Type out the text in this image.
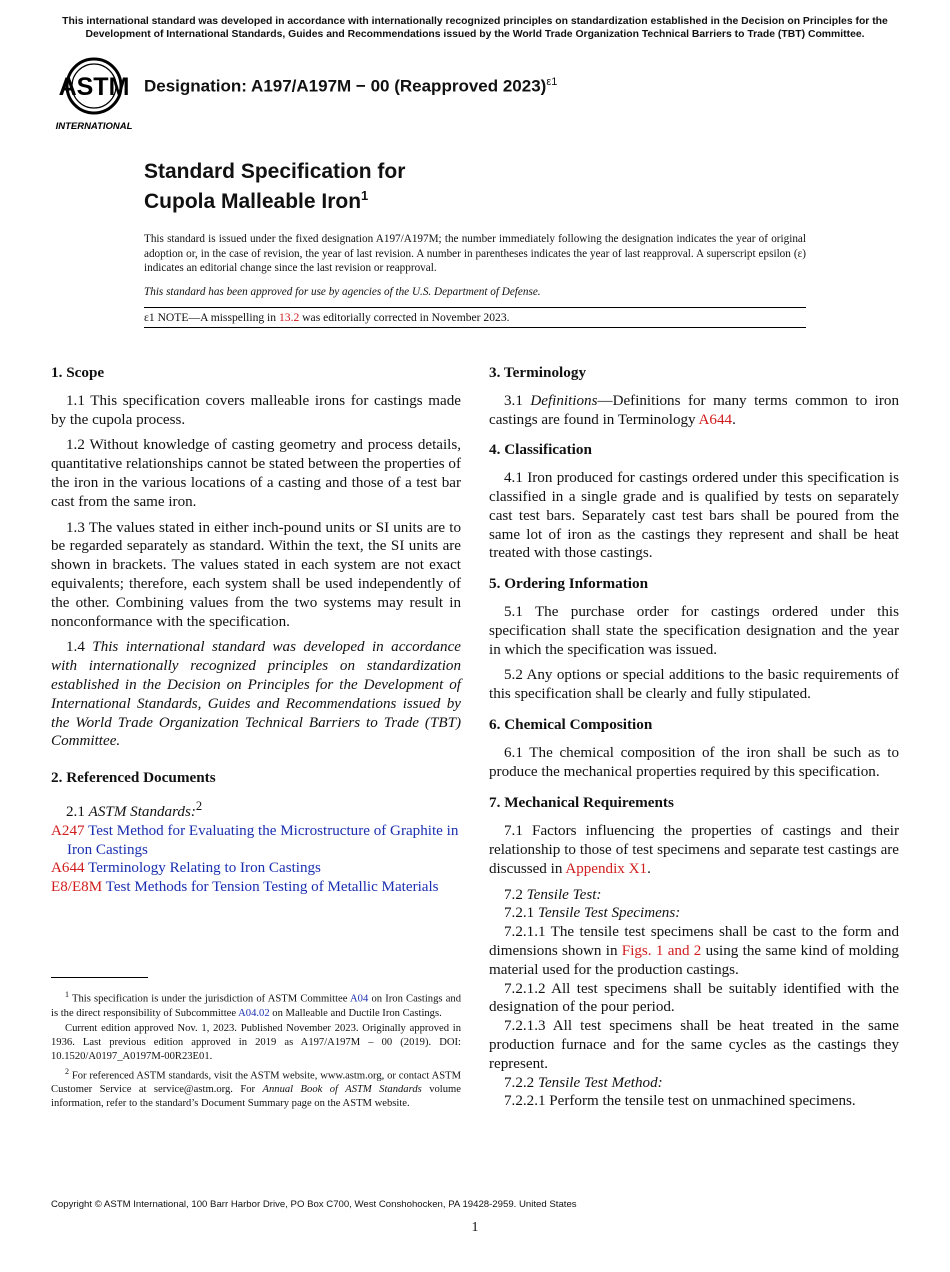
This international standard was developed in accordance with internationally recognized principles on standardization established in the Decision on Principles for the Development of International Standards, Guides and Recommendations issued by the World Trade Organization Technical Barriers to Trade (TBT) Committee.
ASTM
INTERNATIONAL
Designation: A197/A197M − 00 (Reapproved 2023)$^{\varepsilon 1}$
Standard Specification for
Cupola Malleable Iron$^1$
This standard is issued under the fixed designation A197/A197M; the number immediately following the designation indicates the year of original adoption or, in the case of revision, the year of last revision. A number in parentheses indicates the year of last reapproval. A superscript epsilon (ε) indicates an editorial change since the last revision or reapproval.
This standard has been approved for use by agencies of the U.S. Department of Defense.
ε1 NOTE—A misspelling in 13.2 was editorially corrected in November 2023.
1. Scope

1.1 This specification covers malleable irons for castings made by the cupola process.

1.2 Without knowledge of casting geometry and process details, quantitative relationships cannot be stated between the properties of the iron in the various locations of a casting and those of a test bar cast from the same iron.

1.3 The values stated in either inch-pound units or SI units are to be regarded separately as standard. Within the text, the SI units are shown in brackets. The values stated in each system are not exact equivalents; therefore, each system shall be used independently of the other. Combining values from the two systems may result in nonconformance with the specification.

1.4 This international standard was developed in accordance with internationally recognized principles on standardization established in the Decision on Principles for the Development of International Standards, Guides and Recommendations issued by the World Trade Organization Technical Barriers to Trade (TBT) Committee.

2. Referenced Documents

2.1 ASTM Standards:$^2$

A247 Test Method for Evaluating the Microstructure of Graphite in Iron Castings
A644 Terminology Relating to Iron Castings
E8/E8M Test Methods for Tension Testing of Metallic Materials
3. Terminology

3.1 Definitions—Definitions for many terms common to iron castings are found in Terminology A644.

4. Classification

4.1 Iron produced for castings ordered under this specification is classified in a single grade and is qualified by tests on separately cast test bars. Separately cast test bars shall be poured from the same lot of iron as the castings they represent and shall be heat treated with those castings.

5. Ordering Information

5.1 The purchase order for castings ordered under this specification shall state the specification designation and the year in which the specification was issued.

5.2 Any options or special additions to the basic requirements of this specification shall be clearly and fully stipulated.

6. Chemical Composition

6.1 The chemical composition of the iron shall be such as to produce the mechanical properties required by this specification.

7. Mechanical Requirements

7.1 Factors influencing the properties of castings and their relationship to those of test specimens and separate test castings are discussed in Appendix X1.

7.2 Tensile Test:

7.2.1 Tensile Test Specimens:

7.2.1.1 The tensile test specimens shall be cast to the form and dimensions shown in Figs. 1 and 2 using the same kind of molding material used for the production castings.

7.2.1.2 All test specimens shall be suitably identified with the designation of the pour period.

7.2.1.3 All test specimens shall be heat treated in the same production furnace and for the same cycles as the castings they represent.

7.2.2 Tensile Test Method:

7.2.2.1 Perform the tensile test on unmachined specimens.

$^1$ This specification is under the jurisdiction of ASTM Committee A04 on Iron Castings and is the direct responsibility of Subcommittee A04.02 on Malleable and Ductile Iron Castings.

Current edition approved Nov. 1, 2023. Published November 2023. Originally approved in 1936. Last previous edition approved in 2019 as A197/A197M – 00 (2019). DOI: 10.1520/A0197_A0197M-00R23E01.

$^2$ For referenced ASTM standards, visit the ASTM website, www.astm.org, or contact ASTM Customer Service at service@astm.org. For Annual Book of ASTM Standards volume information, refer to the standard’s Document Summary page on the ASTM website.

Copyright © ASTM International, 100 Barr Harbor Drive, PO Box C700, West Conshohocken, PA 19428-2959. United States
1
